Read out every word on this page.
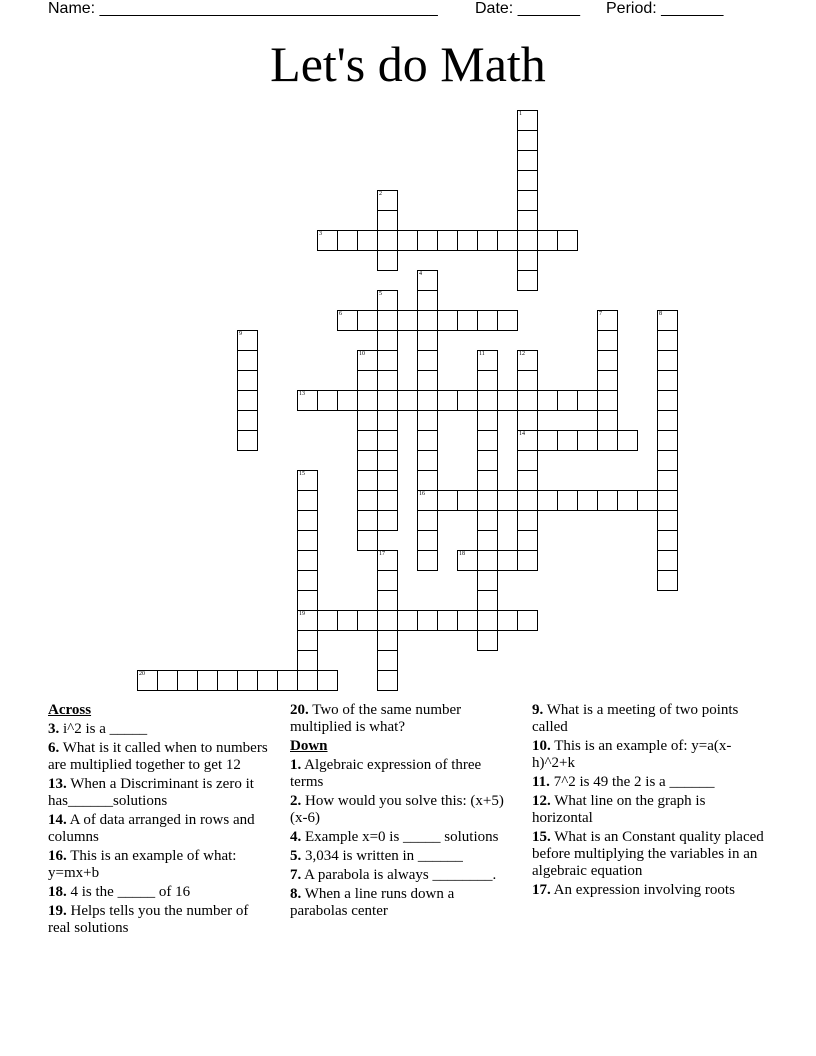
Name: ______________________________________ Date: _______ Period: _______
Let's do Math
1
2
3
4
16
5
6	7	8
9
10	11	12
14
13
15
19
17	18
20
Across
3. i^2 is a _____
6. What is it called when to numbers are multiplied together to get 12
13. When a Discriminant is zero it has______solutions
14. A of data arranged in rows and columns
16. This is an example of what: y=mx+b
18. 4 is the _____ of 16
19. Helps tells you the number of real solutions
20. Two of the same number multiplied is what?
Down
1. Algebraic expression of three terms
2. How would you solve this: (x+5)(x-6)
4. Example x=0 is _____ solutions
5. 3,034 is written in ______
7. A parabola is always ________.
8. When a line runs down a parabolas center
9. What is a meeting of two points called
10. This is an example of: y=a(x-h)^2+k
11. 7^2 is 49 the 2 is a ______
12. What line on the graph is horizontal
15. What is an Constant quality placed before multiplying the variables in an algebraic equation
17. An expression involving roots
